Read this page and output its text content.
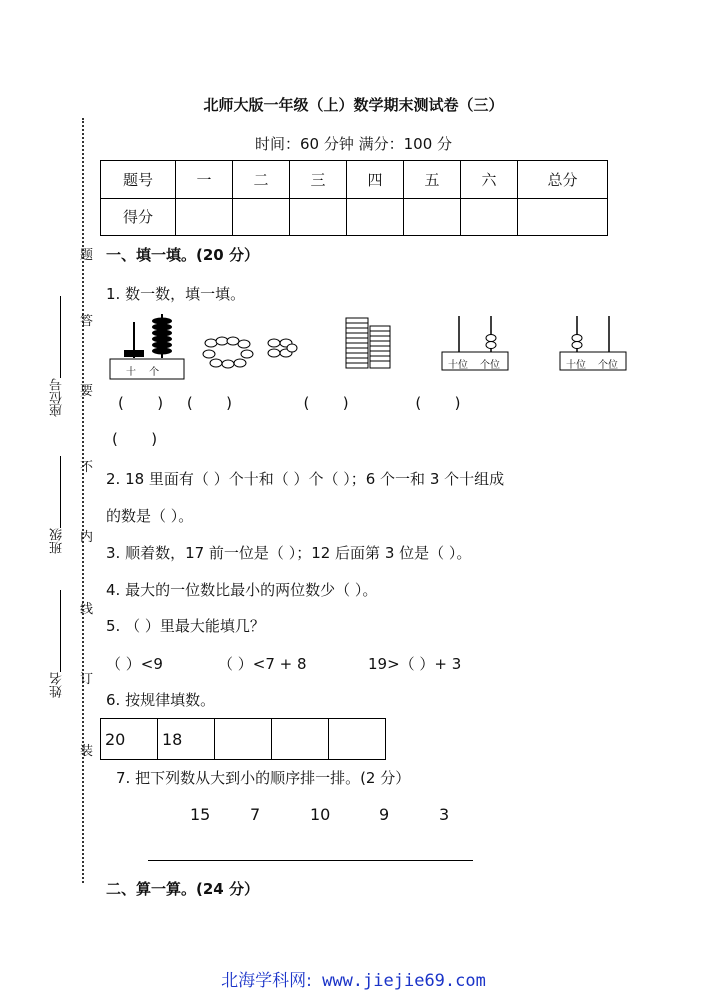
北师大版一年级（上）数学期末测试卷（三）
时间：60 分钟 满分：100 分
题号	一	二	三	四	五	六	总分
得分							
题
答
要
不
内
线
订
装
座位号
班级
姓名
一、填一填。(20 分）
1. 数一数，填一填。
十 个
十位 个位	十位 个位
(       )     (       )               (       )              (       )
(       )
2. 18 里面有（ ）个十和（ ）个（ ）；6 个一和 3 个十组成
的数是（ ）。
3. 顺着数，17 前一位是（ ）；12 后面第 3 位是（ ）。
4. 最大的一位数比最小的两位数少（ ）。
5. （ ）里最大能填几？
（ ）<9	（ ）<7 + 8	19>（ ）+ 3
6. 按规律填数。
20	18			
7. 把下列数从大到小的顺序排一排。(2 分）
15 7	10	9	3
二、算一算。(24 分）
北海学科网: www.jiejie69.com
